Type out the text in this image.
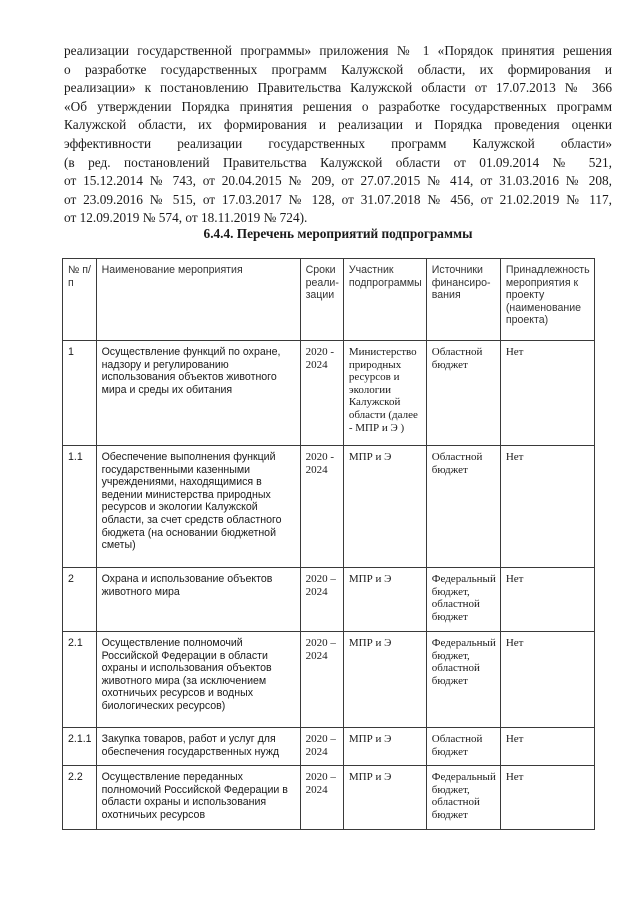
реализации государственной программы» приложения № 1 «Порядок принятия решения
о разработке государственных программ Калужской области, их формирования и
реализации» к постановлению Правительства Калужской области от 17.07.2013 № 366
«Об утверждении Порядка принятия решения о разработке государственных программ
Калужской области, их формирования и реализации и Порядка проведения оценки
эффективности реализации государственных программ Калужской области»
(в ред. постановлений Правительства Калужской области от 01.09.2014 № 521,
от 15.12.2014 № 743, от 20.04.2015 № 209, от 27.07.2015 № 414, от 31.03.2016 № 208,
от 23.09.2016 № 515, от 17.03.2017 № 128, от 31.07.2018 № 456, от 21.02.2019 № 117,
от 12.09.2019 № 574, от 18.11.2019 № 724).
6.4.4. Перечень мероприятий подпрограммы
№ п/п	Наименование мероприятия	Сроки реали-зации	Участник подпрограммы	Источники финансиро-вания	Принадлежность мероприятия к проекту (наименование проекта)
1	Осуществление функций по охране, надзору и регулированию использования объектов животного мира и среды их обитания	2020 - 2024	Министерство природных ресурсов и экологии Калужской области (далее - МПР и Э )	Областной бюджет	Нет
1.1	Обеспечение выполнения функций государственными казенными учреждениями, находящимися в ведении министерства природных ресурсов и экологии Калужской области, за счет средств областного бюджета (на основании бюджетной сметы)	2020 - 2024	МПР и Э	Областной бюджет	Нет
2	Охрана и использование объектов животного мира	2020 – 2024	МПР и Э	Федеральный бюджет, областной бюджет	Нет
2.1	Осуществление полномочий Российской Федерации в области охраны и использования объектов животного мира (за исключением охотничьих ресурсов и водных биологических ресурсов)	2020 – 2024	МПР и Э	Федеральный бюджет, областной бюджет	Нет
2.1.1	Закупка товаров, работ и услуг для обеспечения государственных нужд	2020 – 2024	МПР и Э	Областной бюджет	Нет
2.2	Осуществление переданных полномочий Российской Федерации в области охраны и использования охотничьих ресурсов	2020 – 2024	МПР и Э	Федеральный бюджет, областной бюджет	Нет
